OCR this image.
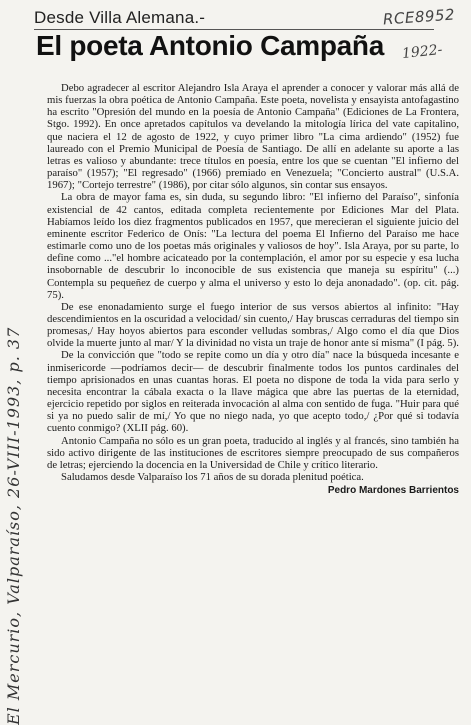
Desde Villa Alemana.-
El poeta Antonio Campaña
RCE8952
1922-
El Mercurio, Valparaíso, 26-VIII-1993, p. 37

Debo agradecer al escritor Alejandro Isla Araya el aprender a conocer y valorar más allá de mis fuerzas la obra poética de Antonio Campaña. Este poeta, novelista y ensayista antofagastino ha escrito "Opresión del mundo en la poesía de Antonio Campaña" (Ediciones de La Frontera, Stgo. 1992). En once apretados capítulos va develando la mitología lírica del vate capitalino, que naciera el 12 de agosto de 1922, y cuyo primer libro "La cima ardiendo" (1952) fue laureado con el Premio Municipal de Poesía de Santiago. De allí en adelante su aporte a las letras es valioso y abundante: trece títulos en poesía, entre los que se cuentan "El infierno del paraíso" (1957); "El regresado" (1966) premiado en Venezuela; "Concierto austral" (U.S.A. 1967); "Cortejo terrestre" (1986), por citar sólo algunos, sin contar sus ensayos.

La obra de mayor fama es, sin duda, su segundo libro: "El infierno del Paraíso", sinfonía existencial de 42 cantos, editada completa recientemente por Ediciones Mar del Plata. Habíamos leído los diez fragmentos publicados en 1957, que merecieran el siguiente juicio del eminente escritor Federico de Onís: "La lectura del poema El Infierno del Paraíso me hace estimarle como uno de los poetas más originales y valiosos de hoy". Isla Araya, por su parte, lo define como ..."el hombre acicateado por la contemplación, el amor por su especie y esa lucha insobornable de descubrir lo inconocible de sus existencia que maneja su espíritu" (...) Contempla su pequeñez de cuerpo y alma el universo y esto lo deja anonadado". (op. cit. pág. 75).

De ese enonadamiento surge el fuego interior de sus versos abiertos al infinito: "Hay descendimientos en la oscuridad a velocidad/ sin cuento,/ Hay bruscas cerraduras del tiempo sin promesas,/ Hay hoyos abiertos para esconder velludas sombras,/ Algo como el día que Dios olvide la muerte junto al mar/ Y la divinidad no vista un traje de honor ante sí misma" (I pág. 5).

De la convicción que "todo se repite como un día y otro día" nace la búsqueda incesante e inmisericorde —podríamos decir— de descubrir finalmente todos los puntos cardinales del tiempo aprisionados en unas cuantas horas. El poeta no dispone de toda la vida para serlo y necesita encontrar la cábala exacta o la llave mágica que abre las puertas de la eternidad, ejercicio repetido por siglos en reiterada invocación al alma con sentido de fuga. "Huir para qué si ya no puedo salir de mí,/ Yo que no niego nada, yo que acepto todo,/ ¿Por qué si todavía cuento conmigo? (XLII pág. 60).

Antonio Campaña no sólo es un gran poeta, traducido al inglés y al francés, sino también ha sido activo dirigente de las instituciones de escritores siempre preocupado de sus compañeros de letras; ejerciendo la docencia en la Universidad de Chile y crítico literario.

Saludamos desde Valparaíso los 71 años de su dorada plenitud poética.

Pedro Mardones Barrientos
